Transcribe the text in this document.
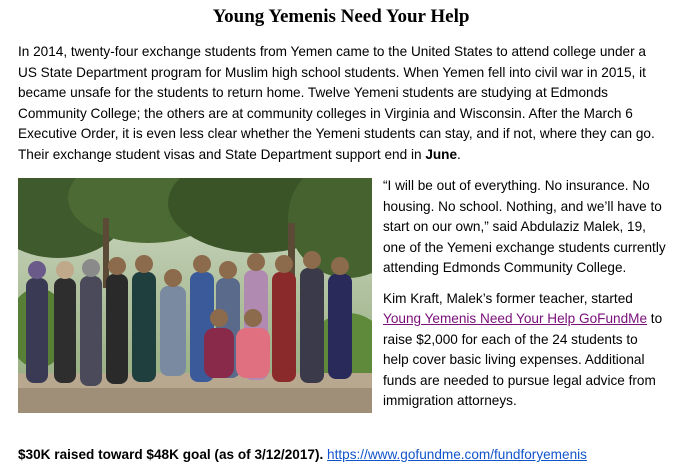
Young Yemenis Need Your Help
In 2014, twenty-four exchange students from Yemen came to the United States to attend college under a US State Department program for Muslim high school students. When Yemen fell into civil war in 2015, it became unsafe for the students to return home. Twelve Yemeni students are studying at Edmonds Community College; the others are at community colleges in Virginia and Wisconsin. After the March 6 Executive Order, it is even less clear whether the Yemeni students can stay, and if not, where they can go. Their exchange student visas and State Department support end in June.

“I will be out of everything. No insurance. No housing. No school. Nothing, and we’ll have to start on our own,” said Abdulaziz Malek, 19, one of the Yemeni exchange students currently attending Edmonds Community College.

Kim Kraft, Malek’s former teacher, started Young Yemenis Need Your Help GoFundMe to raise $2,000 for each of the 24 students to help cover basic living expenses. Additional funds are needed to pursue legal advice from immigration attorneys.

$30K raised toward $48K goal (as of 3/12/2017). https://www.gofundme.com/fundforyemenis
